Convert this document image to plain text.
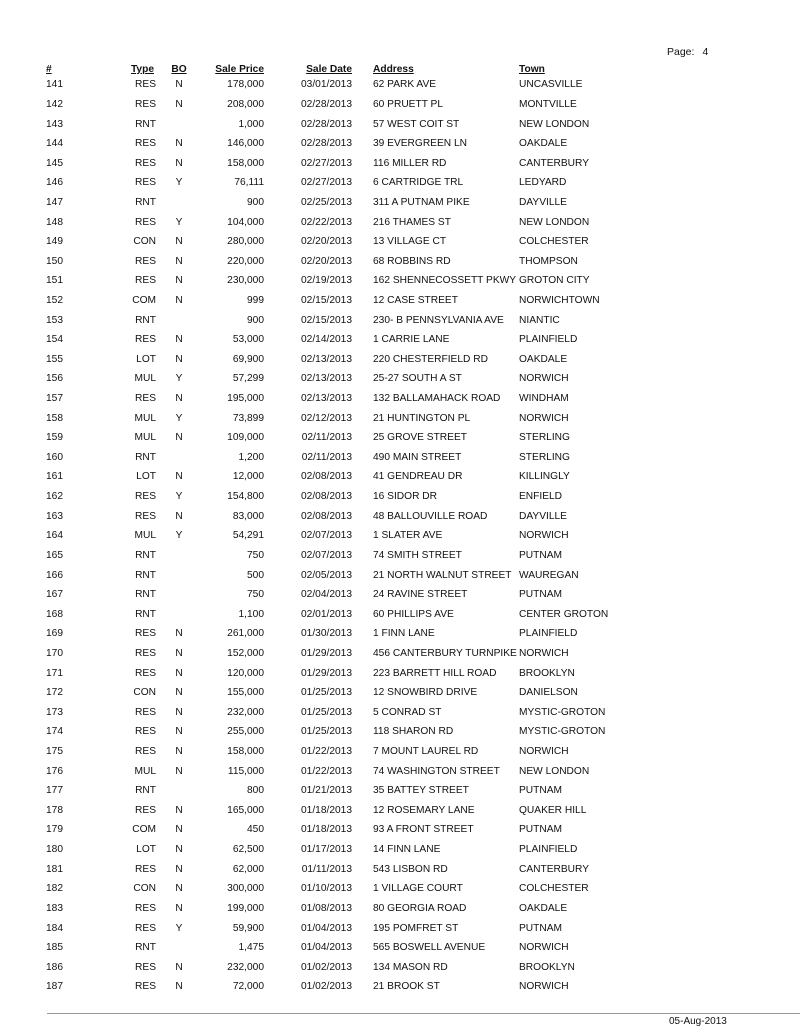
Page: 4
#	Type	BO	Sale Price	Sale Date	Address	Town
141	RES	N	178,000	03/01/2013	62 PARK AVE	UNCASVILLE
142	RES	N	208,000	02/28/2013	60 PRUETT PL	MONTVILLE
143	RNT		1,000	02/28/2013	57 WEST COIT ST	NEW LONDON
144	RES	N	146,000	02/28/2013	39 EVERGREEN LN	OAKDALE
145	RES	N	158,000	02/27/2013	116 MILLER RD	CANTERBURY
146	RES	Y	76,111	02/27/2013	6 CARTRIDGE TRL	LEDYARD
147	RNT		900	02/25/2013	311 A PUTNAM PIKE	DAYVILLE
148	RES	Y	104,000	02/22/2013	216 THAMES ST	NEW LONDON
149	CON	N	280,000	02/20/2013	13 VILLAGE CT	COLCHESTER
150	RES	N	220,000	02/20/2013	68 ROBBINS RD	THOMPSON
151	RES	N	230,000	02/19/2013	162 SHENNECOSSETT PKWY	GROTON CITY
152	COM	N	999	02/15/2013	12 CASE STREET	NORWICHTOWN
153	RNT		900	02/15/2013	230- B PENNSYLVANIA AVE	NIANTIC
154	RES	N	53,000	02/14/2013	1 CARRIE LANE	PLAINFIELD
155	LOT	N	69,900	02/13/2013	220 CHESTERFIELD RD	OAKDALE
156	MUL	Y	57,299	02/13/2013	25-27 SOUTH A ST	NORWICH
157	RES	N	195,000	02/13/2013	132 BALLAMAHACK ROAD	WINDHAM
158	MUL	Y	73,899	02/12/2013	21 HUNTINGTON PL	NORWICH
159	MUL	N	109,000	02/11/2013	25 GROVE STREET	STERLING
160	RNT		1,200	02/11/2013	490 MAIN STREET	STERLING
161	LOT	N	12,000	02/08/2013	41 GENDREAU DR	KILLINGLY
162	RES	Y	154,800	02/08/2013	16 SIDOR DR	ENFIELD
163	RES	N	83,000	02/08/2013	48 BALLOUVILLE ROAD	DAYVILLE
164	MUL	Y	54,291	02/07/2013	1 SLATER AVE	NORWICH
165	RNT		750	02/07/2013	74 SMITH STREET	PUTNAM
166	RNT		500	02/05/2013	21 NORTH WALNUT STREET	WAUREGAN
167	RNT		750	02/04/2013	24 RAVINE STREET	PUTNAM
168	RNT		1,100	02/01/2013	60 PHILLIPS AVE	CENTER GROTON
169	RES	N	261,000	01/30/2013	1 FINN LANE	PLAINFIELD
170	RES	N	152,000	01/29/2013	456 CANTERBURY TURNPIKE	NORWICH
171	RES	N	120,000	01/29/2013	223 BARRETT HILL ROAD	BROOKLYN
172	CON	N	155,000	01/25/2013	12 SNOWBIRD DRIVE	DANIELSON
173	RES	N	232,000	01/25/2013	5 CONRAD ST	MYSTIC-GROTON
174	RES	N	255,000	01/25/2013	118 SHARON RD	MYSTIC-GROTON
175	RES	N	158,000	01/22/2013	7 MOUNT LAUREL RD	NORWICH
176	MUL	N	115,000	01/22/2013	74 WASHINGTON STREET	NEW LONDON
177	RNT		800	01/21/2013	35 BATTEY STREET	PUTNAM
178	RES	N	165,000	01/18/2013	12 ROSEMARY LANE	QUAKER HILL
179	COM	N	450	01/18/2013	93 A FRONT STREET	PUTNAM
180	LOT	N	62,500	01/17/2013	14 FINN LANE	PLAINFIELD
181	RES	N	62,000	01/11/2013	543 LISBON RD	CANTERBURY
182	CON	N	300,000	01/10/2013	1 VILLAGE COURT	COLCHESTER
183	RES	N	199,000	01/08/2013	80 GEORGIA ROAD	OAKDALE
184	RES	Y	59,900	01/04/2013	195 POMFRET ST	PUTNAM
185	RNT		1,475	01/04/2013	565 BOSWELL AVENUE	NORWICH
186	RES	N	232,000	01/02/2013	134 MASON RD	BROOKLYN
187	RES	N	72,000	01/02/2013	21 BROOK ST	NORWICH
05-Aug-2013
